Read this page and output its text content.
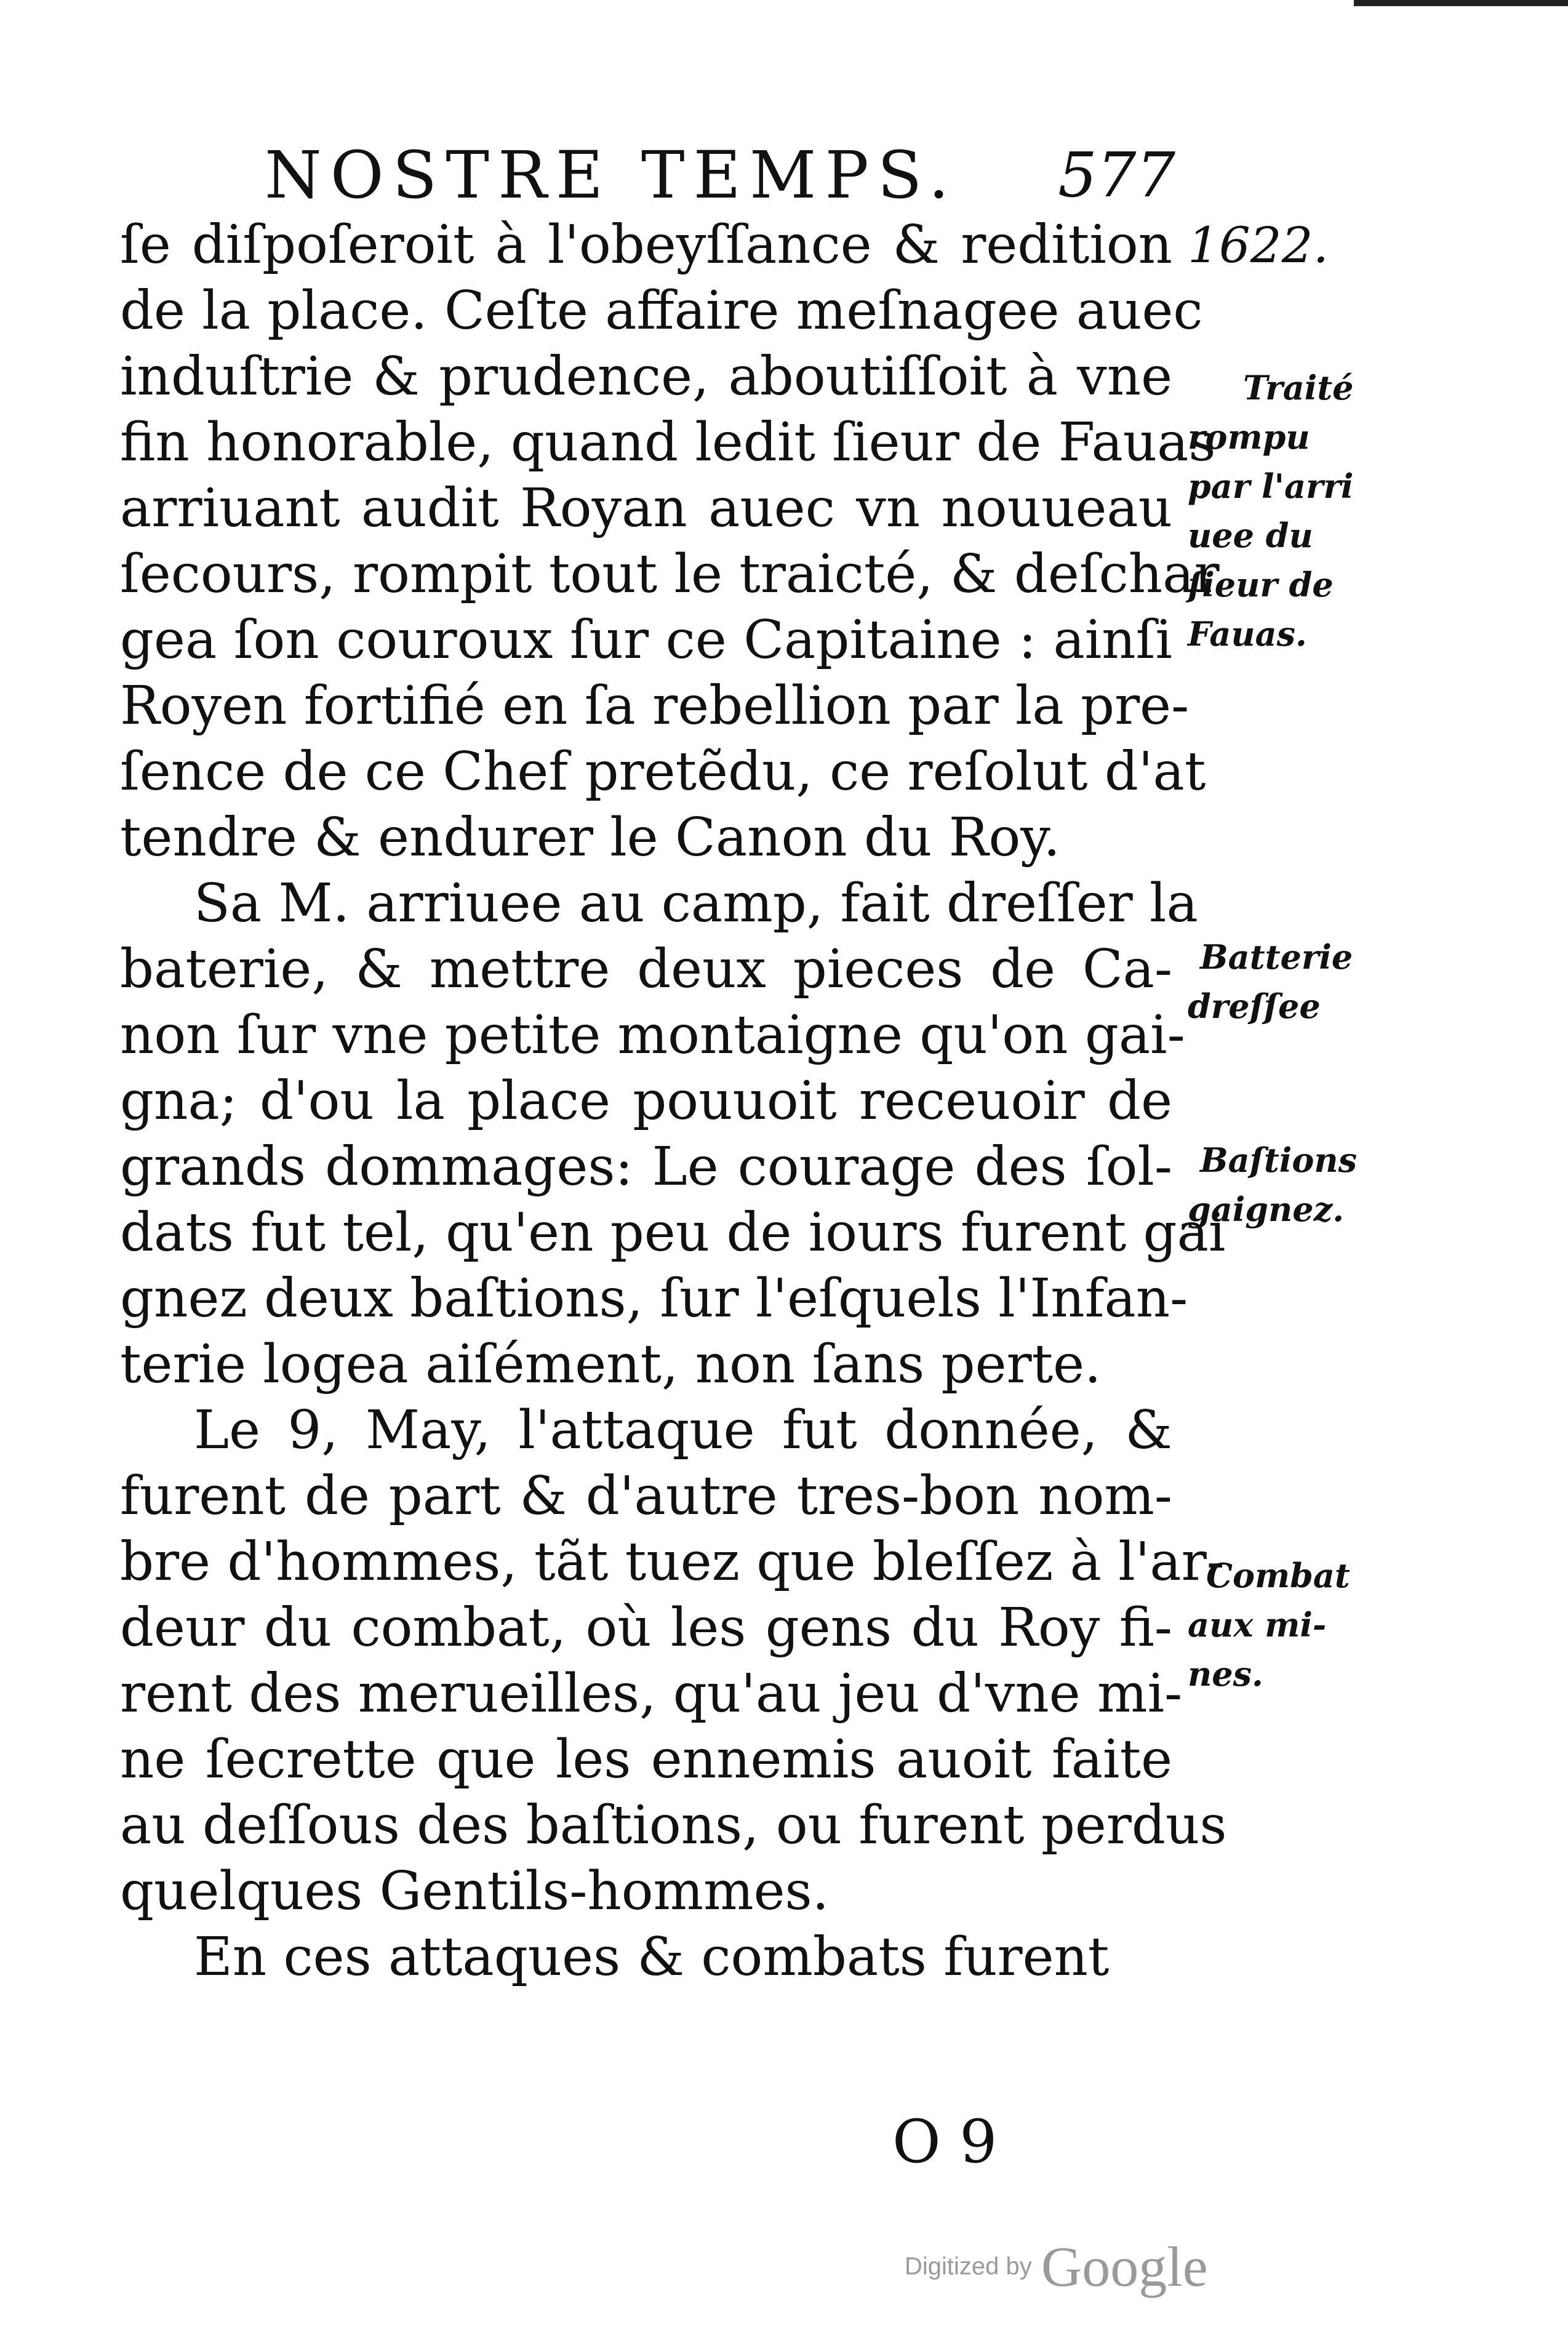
NOSTRE TEMPS. 577
1622.
ſe diſpoſeroit à l'obeyſſance & redition
de la place. Ceſte affaire meſnagee auec
induſtrie & prudence, aboutiſſoit à vne
fin honorable, quand ledit ſieur de Fauas
arriuant audit Royan auec vn nouueau
ſecours, rompit tout le traicté, & deſchar
gea ſon couroux ſur ce Capitaine : ainſi
Royen fortifié en ſa rebellion par la pre-
ſence de ce Chef pretẽdu, ce reſolut d'at
tendre & endurer le Canon du Roy.
Sa M. arriuee au camp, fait dreſſer la
baterie, & mettre deux pieces de Ca-
non ſur vne petite montaigne qu'on gai-
gna; d'ou la place pouuoit receuoir de
grands dommages: Le courage des ſol-
dats fut tel, qu'en peu de iours furent gai
gnez deux baſtions, ſur l'eſquels l'Infan-
terie logea aiſément, non ſans perte.
Le 9, May, l'attaque fut donnée, &
furent de part & d'autre tres-bon nom-
bre d'hommes, tãt tuez que bleſſez à l'ar-
deur du combat, où les gens du Roy fi-
rent des merueilles, qu'au jeu d'vne mi-
ne ſecrette que les ennemis auoit faite
au deſſous des baſtions, ou furent perdus
quelques Gentils-hommes.
En ces attaques & combats furent
Traité
rompu
par l'arri
uee du
ſieur de
Fauas.
Batterie
dreſſee
Baſtions
gaignez.
Combat
aux mi-
nes.
O 9
Digitized by Google
